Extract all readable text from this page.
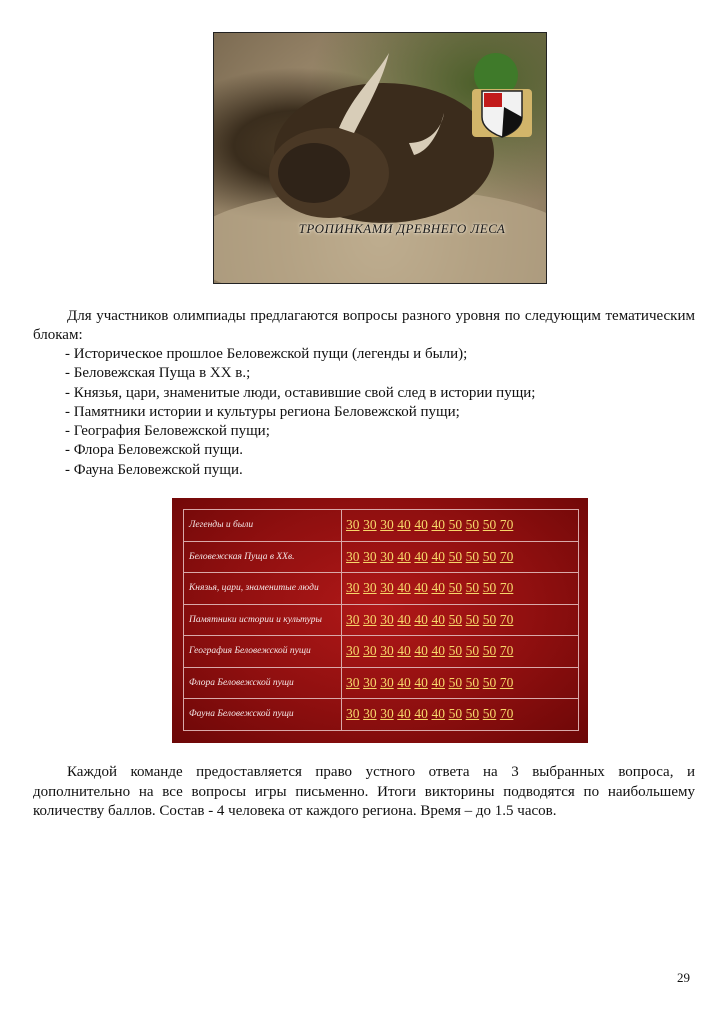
ТРОПИНКАМИ ДРЕВНЕГО ЛЕСА

Для участников олимпиады предлагаются вопросы разного уровня по следующим тематическим блокам:

- Историческое прошлое Беловежской пущи (легенды и были);
- Беловежская Пуща в XX в.;
- Князья, цари, знаменитые люди, оставившие свой след в истории пущи;
- Памятники истории и культуры региона Беловежской пущи;
- География Беловежской пущи;
- Флора Беловежской пущи.
- Фауна Беловежской пущи.
Легенды и были	30 30 30 40 40 40 50 50 50 70
Беловежская Пуща в XXв.	30 30 30 40 40 40 50 50 50 70
Князья, цари, знаменитые люди	30 30 30 40 40 40 50 50 50 70
Памятники истории и культуры	30 30 30 40 40 40 50 50 50 70
География Беловежской пущи	30 30 30 40 40 40 50 50 50 70
Флора Беловежской пущи	30 30 30 40 40 40 50 50 50 70
Фауна Беловежской пущи	30 30 30 40 40 40 50 50 50 70

Каждой команде предоставляется право устного ответа на 3 выбранных вопроса, и дополнительно на все вопросы игры письменно. Итоги викторины подводятся по наибольшему количеству баллов. Состав - 4 человека от каждого региона. Время – до 1.5 часов.

29
